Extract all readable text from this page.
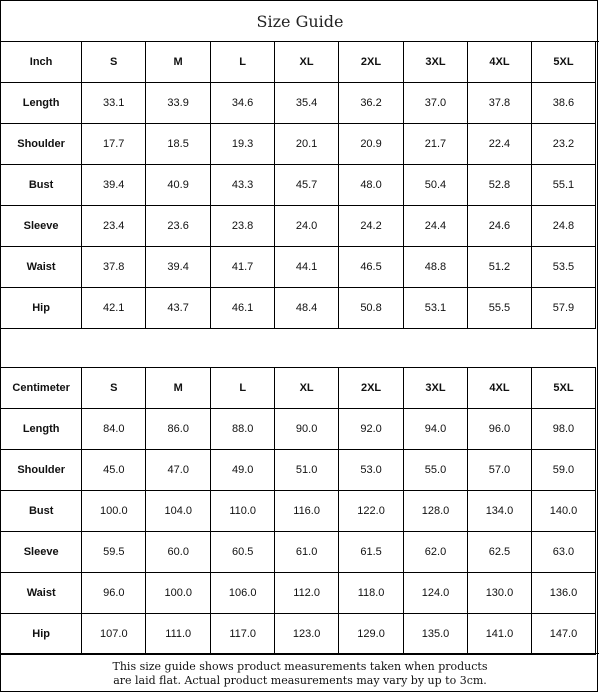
Size Guide
Inch	S	M	L	XL	2XL	3XL	4XL	5XL
Length	33.1	33.9	34.6	35.4	36.2	37.0	37.8	38.6
Shoulder	17.7	18.5	19.3	20.1	20.9	21.7	22.4	23.2
Bust	39.4	40.9	43.3	45.7	48.0	50.4	52.8	55.1
Sleeve	23.4	23.6	23.8	24.0	24.2	24.4	24.6	24.8
Waist	37.8	39.4	41.7	44.1	46.5	48.8	51.2	53.5
Hip	42.1	43.7	46.1	48.4	50.8	53.1	55.5	57.9
Centimeter	S	M	L	XL	2XL	3XL	4XL	5XL
Length	84.0	86.0	88.0	90.0	92.0	94.0	96.0	98.0
Shoulder	45.0	47.0	49.0	51.0	53.0	55.0	57.0	59.0
Bust	100.0	104.0	110.0	116.0	122.0	128.0	134.0	140.0
Sleeve	59.5	60.0	60.5	61.0	61.5	62.0	62.5	63.0
Waist	96.0	100.0	106.0	112.0	118.0	124.0	130.0	136.0
Hip	107.0	111.0	117.0	123.0	129.0	135.0	141.0	147.0
This size guide shows product measurements taken when products
are laid flat. Actual product measurements may vary by up to 3cm.
